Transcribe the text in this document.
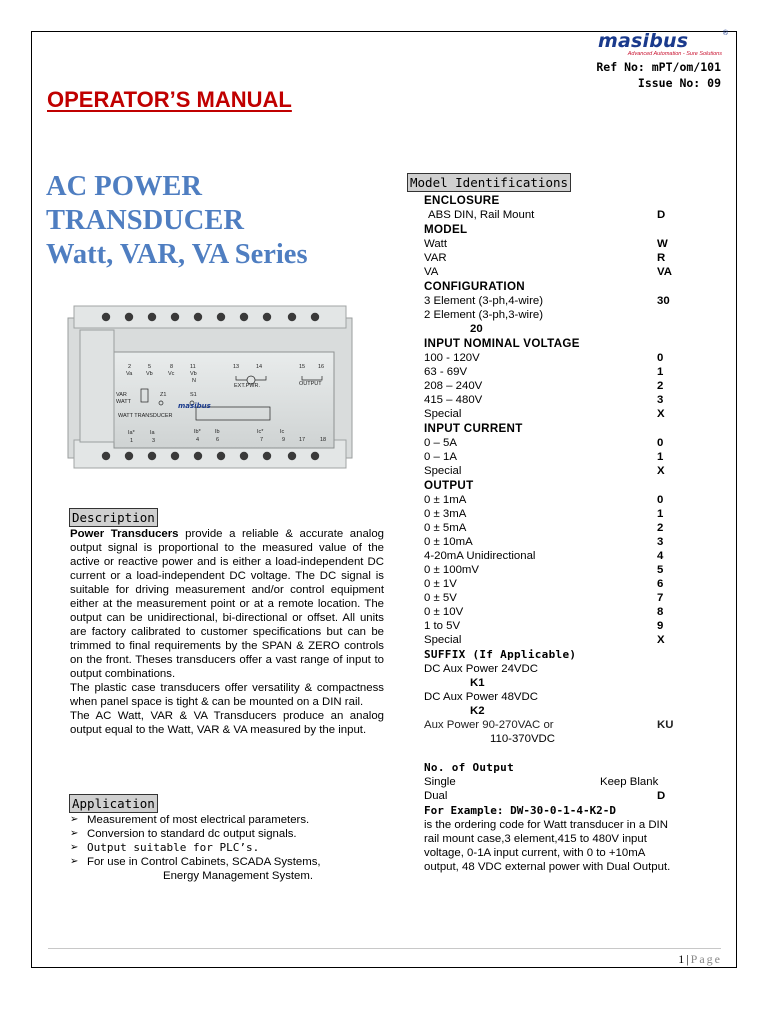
masibus	®
Advanced Automation - Sure Solutions
Ref No: mPT/om/101
Issue No: 09
OPERATOR’S MANUAL
AC POWER
TRANSDUCER
Watt, VAR, VA Series
2	5	8	11	13	14	15 16
Va Vb	Vc	Vb
N
EXT.PWR.	OUTPUT
VAR
WATT
Z1	S1
WATT TRANSDUCER
Ia*	Ia	Ib*	Ib	Ic*	Ic
1	3	4	6	7	9	17	18
masibus
Description

Power Transducers provide a reliable & accurate analog output signal is proportional to the measured value of the active or reactive power and is either a load-independent DC current or a load-independent DC voltage. The DC signal is suitable for driving measurement and/or control equipment either at the measurement point or at a remote location. The output can be unidirectional, bi-directional or offset. All units are factory calibrated to customer specifications but can be trimmed to final requirements by the SPAN & ZERO controls on the front. Theses transducers offer a vast range of input to output combinations.

The plastic case transducers offer versatility & compactness when panel space is tight & can be mounted on a DIN rail.

The AC Watt, VAR & VA Transducers produce an analog output equal to the Watt, VAR & VA measured by the input.

Application
➢ Measurement of most electrical parameters.
➢ Conversion to standard dc output signals.
➢ Output suitable for PLC’s.
➢ For use in Control Cabinets, SCADA Systems,
Energy Management System.
Model Identifications
ENCLOSURE
ABS DIN, Rail Mount	D
MODEL
Watt	W
VAR	R
VA	VA
CONFIGURATION
3 Element (3-ph,4-wire)	30
2 Element (3-ph,3-wire)
20
INPUT NOMINAL VOLTAGE
100 - 120V	0
63 - 69V	1
208 – 240V	2
415 – 480V	3
Special	X
INPUT CURRENT
0 – 5A	0
0 – 1A	1
Special	X
OUTPUT
0 ± 1mA	0
0 ± 3mA	1
0 ± 5mA	2
0 ± 10mA	3
4-20mA Unidirectional	4
0 ± 100mV	5
0 ± 1V	6
0 ± 5V	7
0 ± 10V	8
1 to 5V	9
Special	X
SUFFIX (If Applicable)
DC Aux Power 24VDC
K1
DC Aux Power 48VDC
K2
Aux Power 90-270VAC or	KU
110-370VDC
No. of Output
Single	Keep Blank
Dual	D
For Example: DW-30-0-1-4-K2-D
is the ordering code for Watt transducer in a DIN rail mount case,3 element,415 to 480V input voltage, 0-1A input current, with 0 to +10mA output, 48 VDC external power with Dual Output.
1|Page
